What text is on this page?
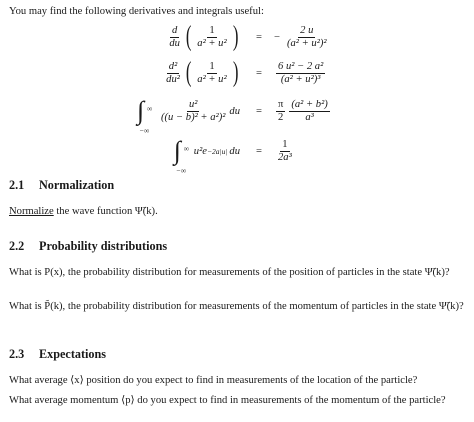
You may find the following derivatives and integrals useful:
$\frac{d}{du}$ ( $\frac{1}{\text{a² + u²}}$ ) = − $\frac{2 u}{\text{(a² + u²)²}}$
$\frac{\text{d²}}{\text{du²}}$ ( $\frac{1}{\text{a² + u²}}$ ) = $\frac{\text{6 u² − 2 a²}}{\text{(a² + u²)³}}$
∫ ∞
−∞
$\frac{\text{u²}}{\text{((u − b)² + a²)²}}$ du = $\frac{\pi}{2} \frac{\text{(a² + b²)}}{\text{a³}}$
∫ ∞
−∞
u²e −2a|u| du = $\frac{1}{\text{2a³}}$
2.1 Normalization

Normalize the wave function Ψ̃(k).

2.2 Probability distributions

What is P(x), the probability distribution for measurements of the position of particles in the state Ψ̃(k)?

What is P̃(k), the probability distribution for measurements of the momentum of particles in the state Ψ̃(k)?

2.3 Expectations

What average ⟨x⟩ position do you expect to find in measurements of the location of the particle?

What average momentum ⟨p⟩ do you expect to find in measurements of the momentum of the particle?
